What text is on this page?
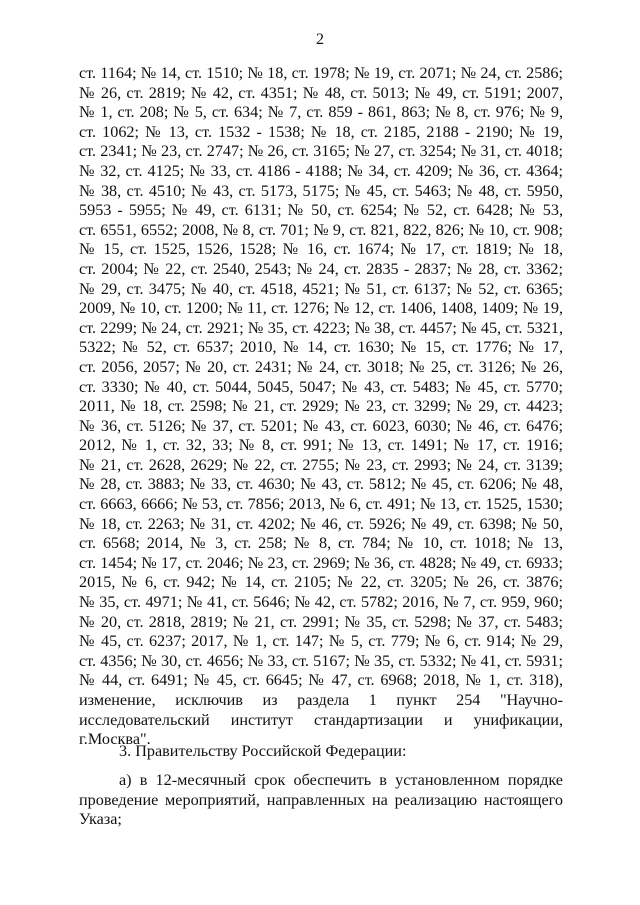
2
ст. 1164; № 14, ст. 1510; № 18, ст. 1978; № 19, ст. 2071; № 24, ст. 2586;
№ 26, ст. 2819; № 42, ст. 4351; № 48, ст. 5013; № 49, ст. 5191; 2007,
№ 1, ст. 208; № 5, ст. 634; № 7, ст. 859 - 861, 863; № 8, ст. 976; № 9,
ст. 1062; № 13, ст. 1532 - 1538; № 18, ст. 2185, 2188 - 2190; № 19,
ст. 2341; № 23, ст. 2747; № 26, ст. 3165; № 27, ст. 3254; № 31, ст. 4018;
№ 32, ст. 4125; № 33, ст. 4186 - 4188; № 34, ст. 4209; № 36, ст. 4364;
№ 38, ст. 4510; № 43, ст. 5173, 5175; № 45, ст. 5463; № 48, ст. 5950,
5953 - 5955; № 49, ст. 6131; № 50, ст. 6254; № 52, ст. 6428; № 53,
ст. 6551, 6552; 2008, № 8, ст. 701; № 9, ст. 821, 822, 826; № 10, ст. 908;
№ 15, ст. 1525, 1526, 1528; № 16, ст. 1674; № 17, ст. 1819; № 18,
ст. 2004; № 22, ст. 2540, 2543; № 24, ст. 2835 - 2837; № 28, ст. 3362;
№ 29, ст. 3475; № 40, ст. 4518, 4521; № 51, ст. 6137; № 52, ст. 6365;
2009, № 10, ст. 1200; № 11, ст. 1276; № 12, ст. 1406, 1408, 1409; № 19,
ст. 2299; № 24, ст. 2921; № 35, ст. 4223; № 38, ст. 4457; № 45, ст. 5321,
5322; № 52, ст. 6537; 2010, № 14, ст. 1630; № 15, ст. 1776; № 17,
ст. 2056, 2057; № 20, ст. 2431; № 24, ст. 3018; № 25, ст. 3126; № 26,
ст. 3330; № 40, ст. 5044, 5045, 5047; № 43, ст. 5483; № 45, ст. 5770;
2011, № 18, ст. 2598; № 21, ст. 2929; № 23, ст. 3299; № 29, ст. 4423;
№ 36, ст. 5126; № 37, ст. 5201; № 43, ст. 6023, 6030; № 46, ст. 6476;
2012, № 1, ст. 32, 33; № 8, ст. 991; № 13, ст. 1491; № 17, ст. 1916;
№ 21, ст. 2628, 2629; № 22, ст. 2755; № 23, ст. 2993; № 24, ст. 3139;
№ 28, ст. 3883; № 33, ст. 4630; № 43, ст. 5812; № 45, ст. 6206; № 48,
ст. 6663, 6666; № 53, ст. 7856; 2013, № 6, ст. 491; № 13, ст. 1525, 1530;
№ 18, ст. 2263; № 31, ст. 4202; № 46, ст. 5926; № 49, ст. 6398; № 50,
ст. 6568; 2014, № 3, ст. 258; № 8, ст. 784; № 10, ст. 1018; № 13,
ст. 1454; № 17, ст. 2046; № 23, ст. 2969; № 36, ст. 4828; № 49, ст. 6933;
2015, № 6, ст. 942; № 14, ст. 2105; № 22, ст. 3205; № 26, ст. 3876;
№ 35, ст. 4971; № 41, ст. 5646; № 42, ст. 5782; 2016, № 7, ст. 959, 960;
№ 20, ст. 2818, 2819; № 21, ст. 2991; № 35, ст. 5298; № 37, ст. 5483;
№ 45, ст. 6237; 2017, № 1, ст. 147; № 5, ст. 779; № 6, ст. 914; № 29,
ст. 4356; № 30, ст. 4656; № 33, ст. 5167; № 35, ст. 5332; № 41, ст. 5931;
№ 44, ст. 6491; № 45, ст. 6645; № 47, ст. 6968; 2018, № 1, ст. 318),
изменение, исключив из раздела 1 пункт 254 "Научно-
исследовательский институт стандартизации и унификации,
г.Москва".
3. Правительству Российской Федерации:
а) в 12-месячный срок обеспечить в установленном порядке
проведение мероприятий, направленных на реализацию настоящего
Указа;
